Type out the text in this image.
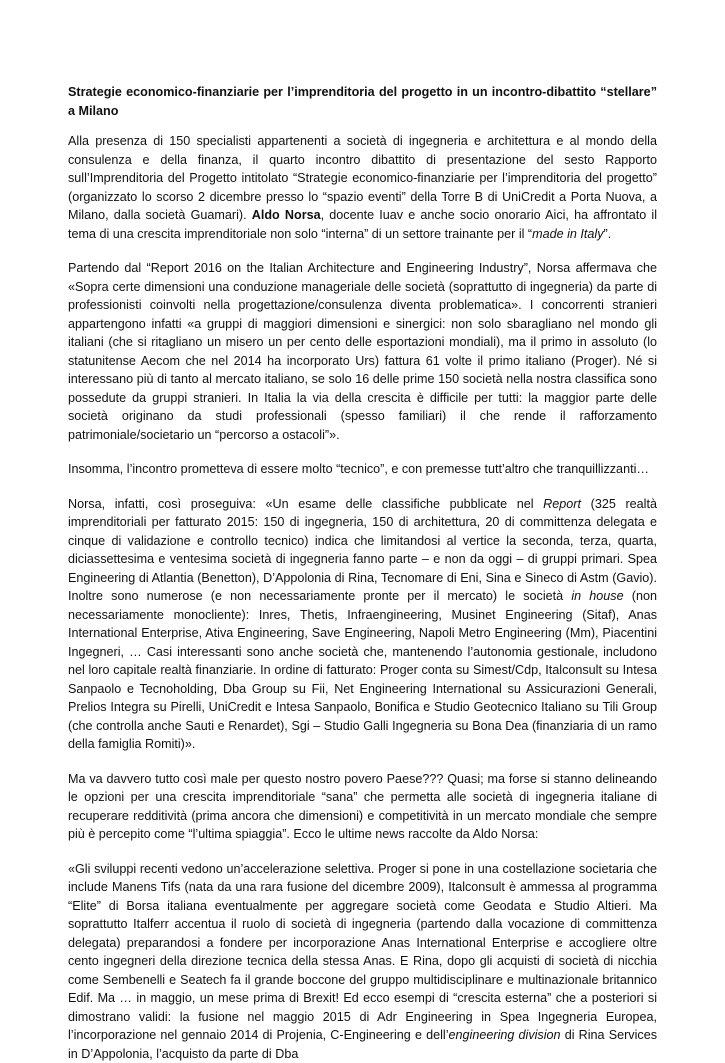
Strategie economico-finanziarie per l’imprenditoria del progetto in un incontro-dibattito “stellare” a Milano

Alla presenza di 150 specialisti appartenenti a società di ingegneria e architettura e al mondo della consulenza e della finanza, il quarto incontro dibattito di presentazione del sesto Rapporto sull’Imprenditoria del Progetto intitolato “Strategie economico-finanziarie per l’imprenditoria del progetto” (organizzato lo scorso 2 dicembre presso lo “spazio eventi” della Torre B di UniCredit a Porta Nuova, a Milano, dalla società Guamari). Aldo Norsa, docente Iuav e anche socio onorario Aici, ha affrontato il tema di una crescita imprenditoriale non solo “interna” di un settore trainante per il “made in Italy”.

Partendo dal “Report 2016 on the Italian Architecture and Engineering Industry”, Norsa affermava che «Sopra certe dimensioni una conduzione manageriale delle società (soprattutto di ingegneria) da parte di professionisti coinvolti nella progettazione/consulenza diventa problematica». I concorrenti stranieri appartengono infatti «a gruppi di maggiori dimensioni e sinergici: non solo sbaragliano nel mondo gli italiani (che si ritagliano un misero un per cento delle esportazioni mondiali), ma il primo in assoluto (lo statunitense Aecom che nel 2014 ha incorporato Urs) fattura 61 volte il primo italiano (Proger). Né si interessano più di tanto al mercato italiano, se solo 16 delle prime 150 società nella nostra classifica sono possedute da gruppi stranieri. In Italia la via della crescita è difficile per tutti: la maggior parte delle società originano da studi professionali (spesso familiari) il che rende il rafforzamento patrimoniale/societario un “percorso a ostacoli”».

Insomma, l’incontro prometteva di essere molto “tecnico”, e con premesse tutt’altro che tranquillizzanti…

Norsa, infatti, così proseguiva: «Un esame delle classifiche pubblicate nel Report (325 realtà imprenditoriali per fatturato 2015: 150 di ingegneria, 150 di architettura, 20 di committenza delegata e cinque di validazione e controllo tecnico) indica che limitandosi al vertice la seconda, terza, quarta, diciassettesima e ventesima società di ingegneria fanno parte – e non da oggi – di gruppi primari. Spea Engineering di Atlantia (Benetton), D’Appolonia di Rina, Tecnomare di Eni, Sina e Sineco di Astm (Gavio). Inoltre sono numerose (e non necessariamente pronte per il mercato) le società in house (non necessariamente monocliente): Inres, Thetis, Infraengineering, Musinet Engineering (Sitaf), Anas International Enterprise, Ativa Engineering, Save Engineering, Napoli Metro Engineering (Mm), Piacentini Ingegneri, … Casi interessanti sono anche società che, mantenendo l’autonomia gestionale, includono nel loro capitale realtà finanziarie. In ordine di fatturato: Proger conta su Simest/Cdp, Italconsult su Intesa Sanpaolo e Tecnoholding, Dba Group su Fii, Net Engineering International su Assicurazioni Generali, Prelios Integra su Pirelli, UniCredit e Intesa Sanpaolo, Bonifica e Studio Geotecnico Italiano su Tili Group (che controlla anche Sauti e Renardet), Sgi – Studio Galli Ingegneria su Bona Dea (finanziaria di un ramo della famiglia Romiti)».

Ma va davvero tutto così male per questo nostro povero Paese??? Quasi; ma forse si stanno delineando le opzioni per una crescita imprenditoriale “sana” che permetta alle società di ingegneria italiane di recuperare redditività (prima ancora che dimensioni) e competitività in un mercato mondiale che sempre più è percepito come “l’ultima spiaggia”. Ecco le ultime news raccolte da Aldo Norsa:

«Gli sviluppi recenti vedono un’accelerazione selettiva. Proger si pone in una costellazione societaria che include Manens Tifs (nata da una rara fusione del dicembre 2009), Italconsult è ammessa al programma “Elite” di Borsa italiana eventualmente per aggregare società come Geodata e Studio Altieri. Ma soprattutto Italferr accentua il ruolo di società di ingegneria (partendo dalla vocazione di committenza delegata) preparandosi a fondere per incorporazione Anas International Enterprise e accogliere oltre cento ingegneri della direzione tecnica della stessa Anas. E Rina, dopo gli acquisti di società di nicchia come Sembenelli e Seatech fa il grande boccone del gruppo multidisciplinare e multinazionale britannico Edif. Ma … in maggio, un mese prima di Brexit! Ed ecco esempi di “crescita esterna” che a posteriori si dimostrano validi: la fusione nel maggio 2015 di Adr Engineering in Spea Ingegneria Europea, l’incorporazione nel gennaio 2014 di Projenia, C-Engineering e dell’engineering division di Rina Services in D’Appolonia, l’acquisto da parte di Dba
